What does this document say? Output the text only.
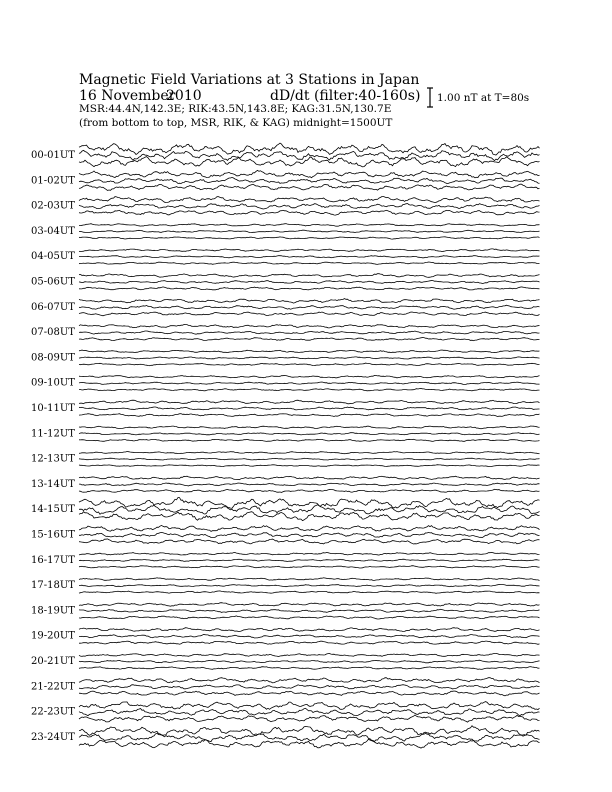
Magnetic Field Variations at 3 Stations in Japan
16 November
2010	dD/dt (filter:40-160s)
MSR:44.4N,142.3E; RIK:43.5N,143.8E; KAG:31.5N,130.7E
(from bottom to top, MSR, RIK, & KAG) midnight=1500UT
1.00 nT at T=80s
00-01UT
01-02UT
02-03UT
03-04UT
04-05UT
05-06UT
06-07UT
07-08UT
08-09UT
09-10UT
10-11UT
11-12UT
12-13UT
13-14UT
14-15UT
15-16UT
16-17UT
17-18UT
18-19UT
19-20UT
20-21UT
21-22UT
22-23UT
23-24UT
